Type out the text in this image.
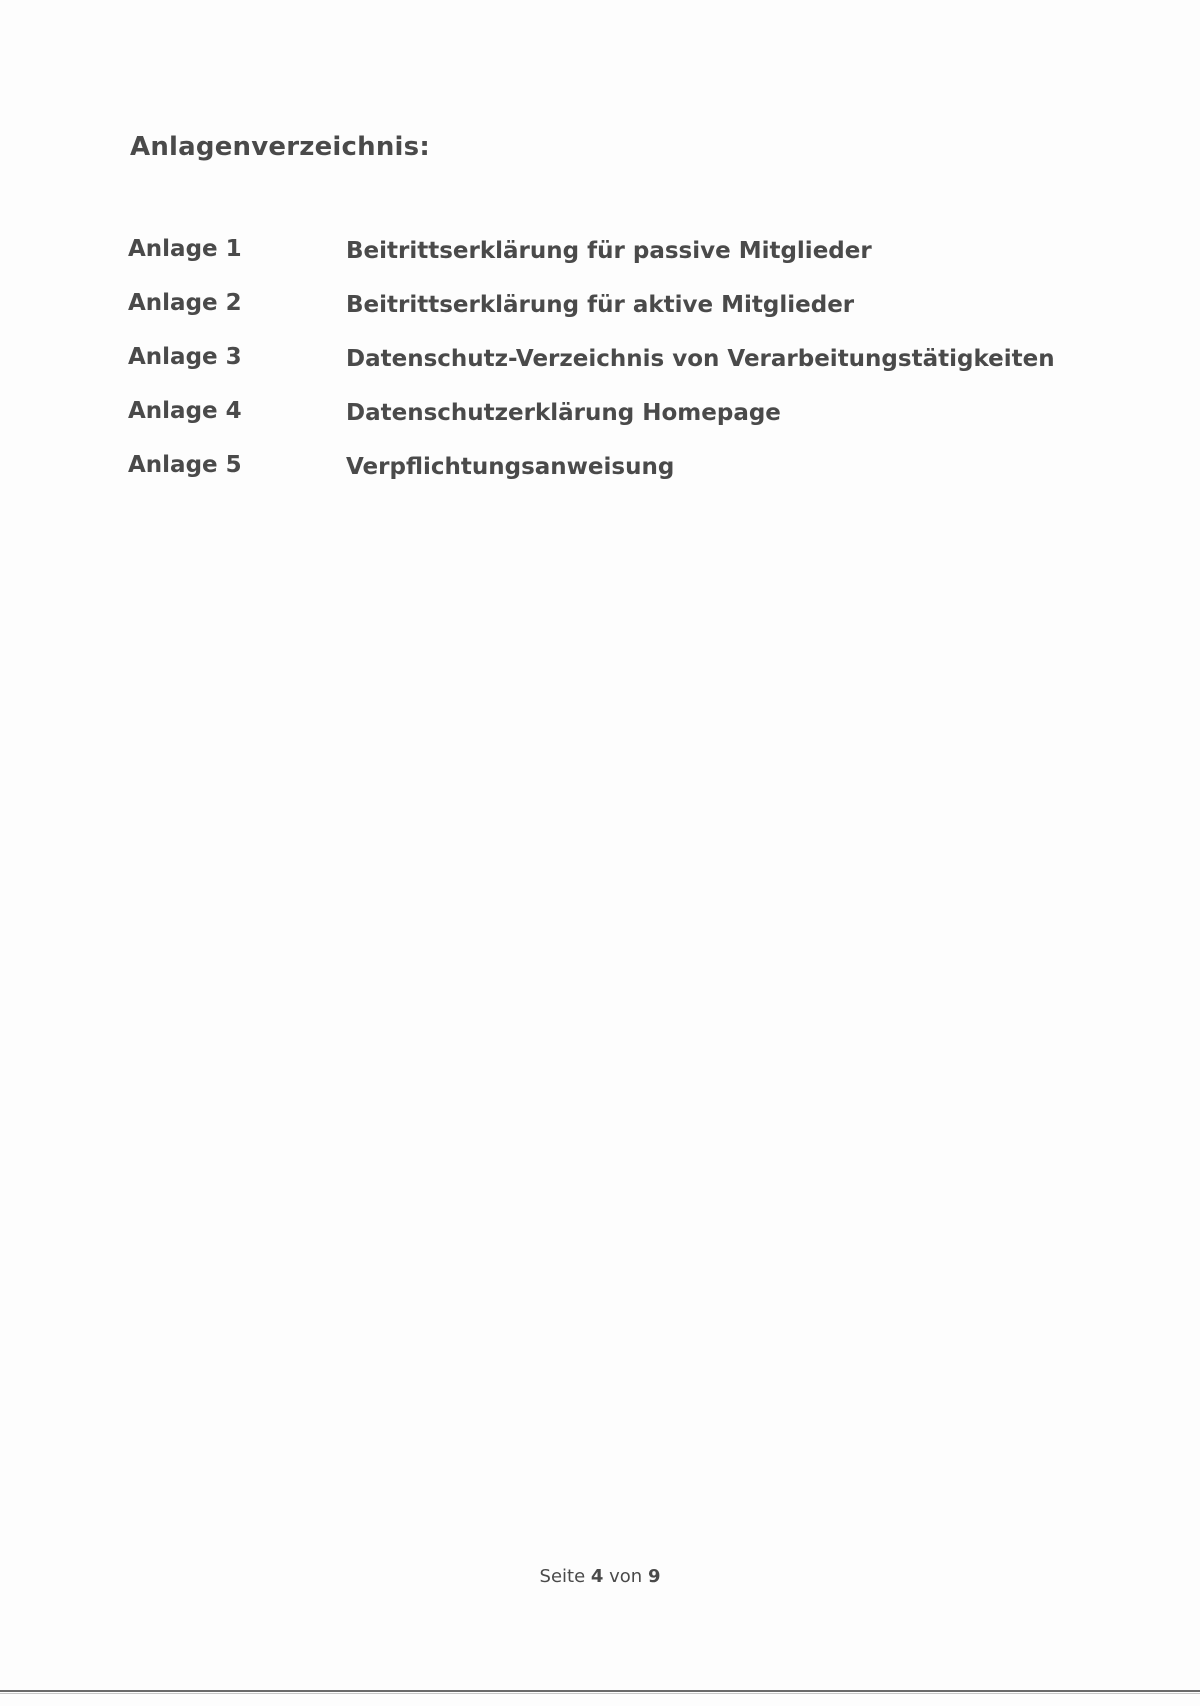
Anlagenverzeichnis:
Anlage 1	Beitrittserklärung für passive Mitglieder
Anlage 2	Beitrittserklärung für aktive Mitglieder
Anlage 3	Datenschutz-Verzeichnis von Verarbeitungstätigkeiten
Anlage 4	Datenschutzerklärung Homepage
Anlage 5	Verpflichtungsanweisung
Seite 4 von 9
